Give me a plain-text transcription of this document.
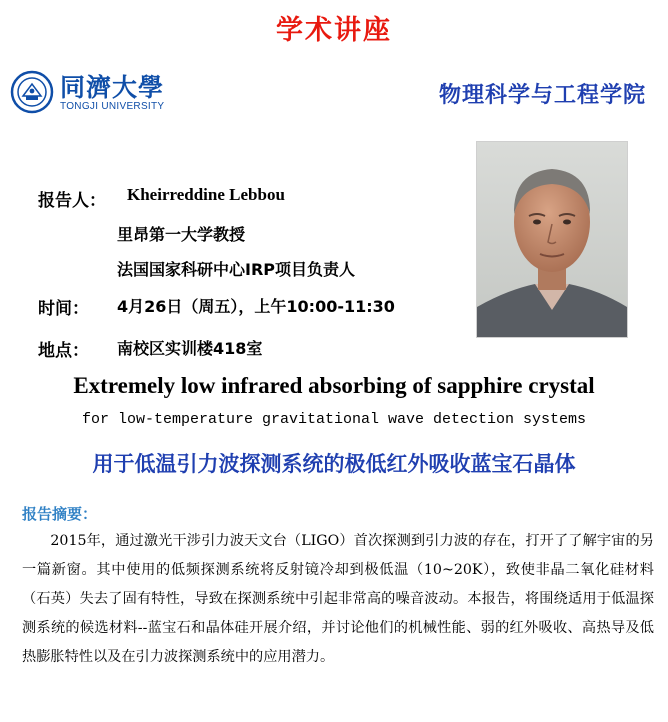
学术讲座
同濟大學
TONGJI UNIVERSITY	物理科学与工程学院
报告人： Kheirreddine Lebbou
里昂第一大学教授
法国国家科研中心IRP项目负责人
时间： 4月26日（周五），上午10:00-11:30
地点： 南校区实训楼418室
Extremely low infrared absorbing of sapphire crystal
for low-temperature gravitational wave detection systems
用于低温引力波探测系统的极低红外吸收蓝宝石晶体
报告摘要：
2015年，通过激光干涉引力波天文台（LIGO）首次探测到引力波的存在，打开了了解宇宙的另一篇新窗。其中使用的低频探测系统将反射镜冷却到极低温（10~20K），致使非晶二氧化硅材料（石英）失去了固有特性，导致在探测系统中引起非常高的噪音波动。本报告，将围绕适用于低温探测系统的候选材料--蓝宝石和晶体硅开展介绍，并讨论他们的机械性能、弱的红外吸收、高热导及低热膨胀特性以及在引力波探测系统中的应用潜力。
